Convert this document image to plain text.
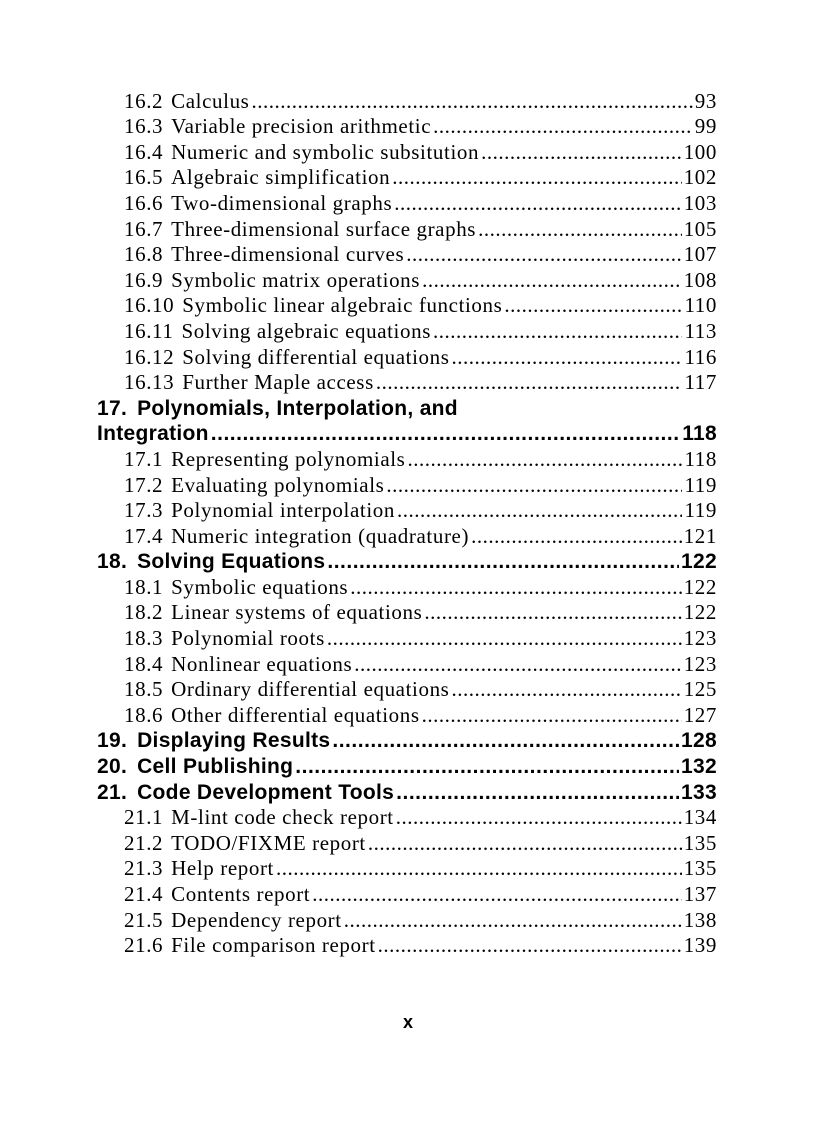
16.2 Calculus .....	93
16.3 Variable precision arithmetic .....	99
16.4 Numeric and symbolic subsitution .....	100
16.5 Algebraic simplification .....	102
16.6 Two-dimensional graphs .....	103
16.7 Three-dimensional surface graphs .....	105
16.8 Three-dimensional curves .....	107
16.9 Symbolic matrix operations .....	108
16.10 Symbolic linear algebraic functions .....	110
16.11 Solving algebraic equations .....	113
16.12 Solving differential equations .....	116
16.13 Further Maple access .....	117
17. Polynomials, Interpolation, and
Integration .....	118
17.1 Representing polynomials .....	118
17.2 Evaluating polynomials .....	119
17.3 Polynomial interpolation .....	119
17.4 Numeric integration (quadrature) .....	121
18. Solving Equations .....	122
18.1 Symbolic equations .....	122
18.2 Linear systems of equations .....	122
18.3 Polynomial roots .....	123
18.4 Nonlinear equations .....	123
18.5 Ordinary differential equations .....	125
18.6 Other differential equations .....	127
19. Displaying Results .....	128
20. Cell Publishing .....	132
21. Code Development Tools .....	133
21.1 M-lint code check report .....	134
21.2 TODO/FIXME report .....	135
21.3 Help report .....	135
21.4 Contents report .....	137
21.5 Dependency report .....	138
21.6 File comparison report .....	139
x
